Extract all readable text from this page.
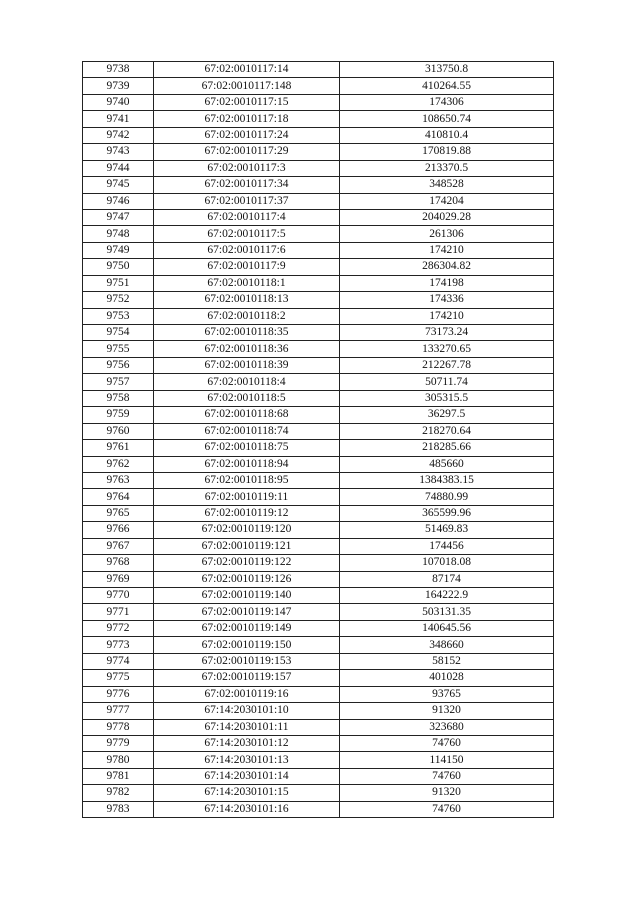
9738	67:02:0010117:14	313750.8
9739	67:02:0010117:148	410264.55
9740	67:02:0010117:15	174306
9741	67:02:0010117:18	108650.74
9742	67:02:0010117:24	410810.4
9743	67:02:0010117:29	170819.88
9744	67:02:0010117:3	213370.5
9745	67:02:0010117:34	348528
9746	67:02:0010117:37	174204
9747	67:02:0010117:4	204029.28
9748	67:02:0010117:5	261306
9749	67:02:0010117:6	174210
9750	67:02:0010117:9	286304.82
9751	67:02:0010118:1	174198
9752	67:02:0010118:13	174336
9753	67:02:0010118:2	174210
9754	67:02:0010118:35	73173.24
9755	67:02:0010118:36	133270.65
9756	67:02:0010118:39	212267.78
9757	67:02:0010118:4	50711.74
9758	67:02:0010118:5	305315.5
9759	67:02:0010118:68	36297.5
9760	67:02:0010118:74	218270.64
9761	67:02:0010118:75	218285.66
9762	67:02:0010118:94	485660
9763	67:02:0010118:95	1384383.15
9764	67:02:0010119:11	74880.99
9765	67:02:0010119:12	365599.96
9766	67:02:0010119:120	51469.83
9767	67:02:0010119:121	174456
9768	67:02:0010119:122	107018.08
9769	67:02:0010119:126	87174
9770	67:02:0010119:140	164222.9
9771	67:02:0010119:147	503131.35
9772	67:02:0010119:149	140645.56
9773	67:02:0010119:150	348660
9774	67:02:0010119:153	58152
9775	67:02:0010119:157	401028
9776	67:02:0010119:16	93765
9777	67:14:2030101:10	91320
9778	67:14:2030101:11	323680
9779	67:14:2030101:12	74760
9780	67:14:2030101:13	114150
9781	67:14:2030101:14	74760
9782	67:14:2030101:15	91320
9783	67:14:2030101:16	74760
